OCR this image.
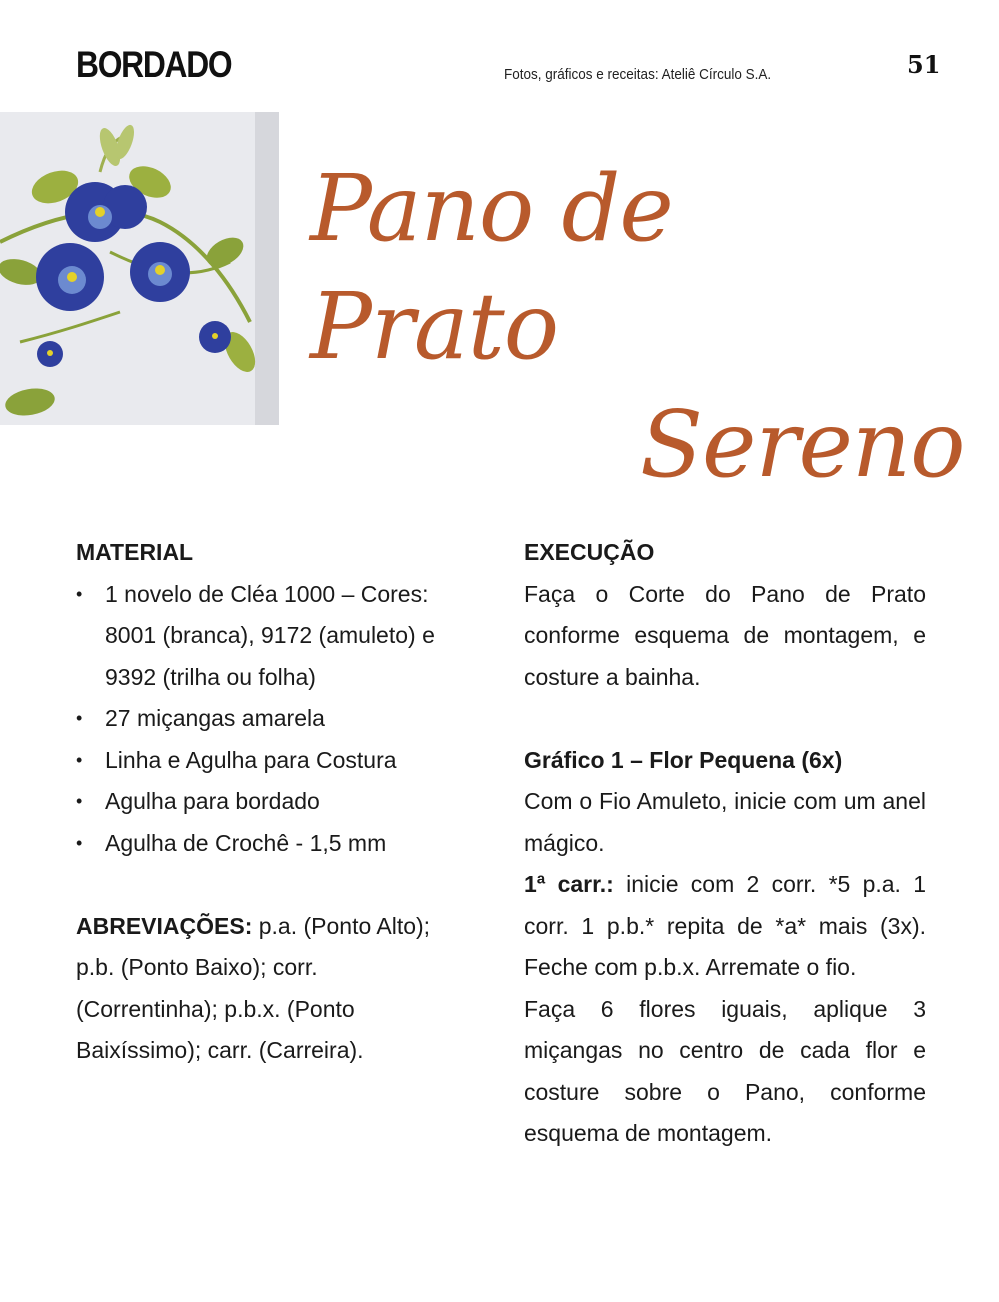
BORDADO	Fotos, gráficos e receitas: Ateliê Círculo S.A.	51
Pano de Prato
Sereno
MATERIAL
• 1 novelo de Cléa 1000 – Cores: 8001 (branca), 9172 (amuleto) e 9392 (trilha ou folha)
• 27 miçangas amarela
• Linha e Agulha para Costura
• Agulha para bordado
• Agulha de Crochê - 1,5 mm
ABREVIAÇÕES: p.a. (Ponto Alto); p.b. (Ponto Baixo); corr. (Correntinha); p.b.x. (Ponto Baixíssimo); carr. (Carreira).
EXECUÇÃO
Faça o Corte do Pano de Prato conforme esquema de montagem, e costure a bainha.
Gráfico 1 – Flor Pequena (6x)
Com o Fio Amuleto, inicie com um anel mágico.
1ª carr.: inicie com 2 corr. *5 p.a. 1 corr. 1 p.b.* repita de *a* mais (3x). Feche com p.b.x. Arremate o fio.
Faça 6 flores iguais, aplique 3 miçangas no centro de cada flor e costure sobre o Pano, conforme esquema de montagem.
